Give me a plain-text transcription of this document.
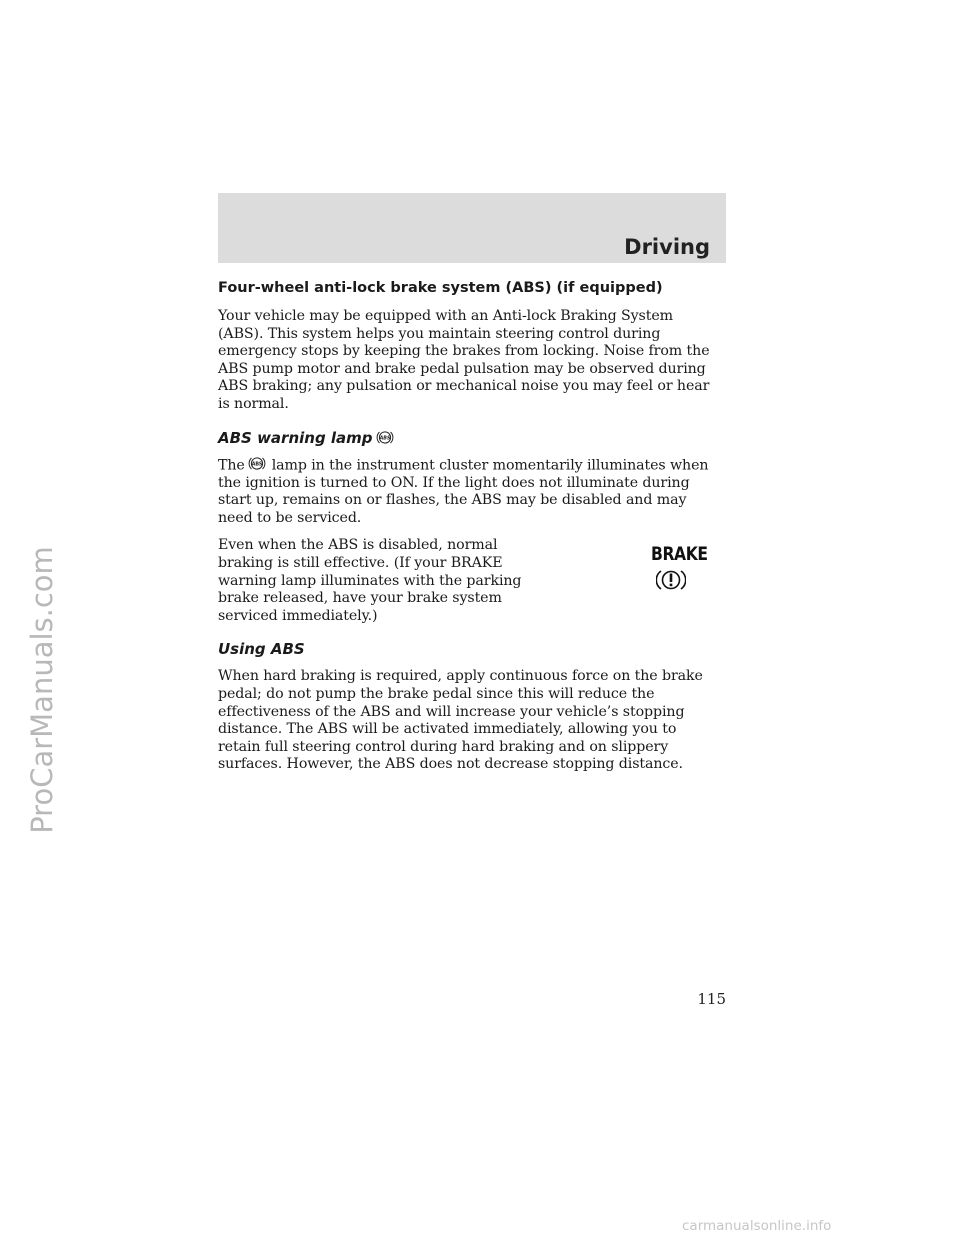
Driving
ProCarManuals.com
Four-wheel anti-lock brake system (ABS) (if equipped)

Your vehicle may be equipped with an Anti-lock Braking System (ABS). This system helps you maintain steering control during emergency stops by keeping the brakes from locking. Noise from the ABS pump motor and brake pedal pulsation may be observed during ABS braking; any pulsation or mechanical noise you may feel or hear is normal.

ABS warning lamp ABS

The ABS lamp in the instrument cluster momentarily illuminates when the ignition is turned to ON. If the light does not illuminate during start up, remains on or flashes, the ABS may be disabled and may need to be serviced.

BRAKE

Even when the ABS is disabled, normal braking is still effective. (If your BRAKE warning lamp illuminates with the parking brake released, have your brake system serviced immediately.)

Using ABS

When hard braking is required, apply continuous force on the brake pedal; do not pump the brake pedal since this will reduce the effectiveness of the ABS and will increase your vehicle’s stopping distance. The ABS will be activated immediately, allowing you to retain full steering control during hard braking and on slippery surfaces. However, the ABS does not decrease stopping distance.

115
carmanualsonline.info
